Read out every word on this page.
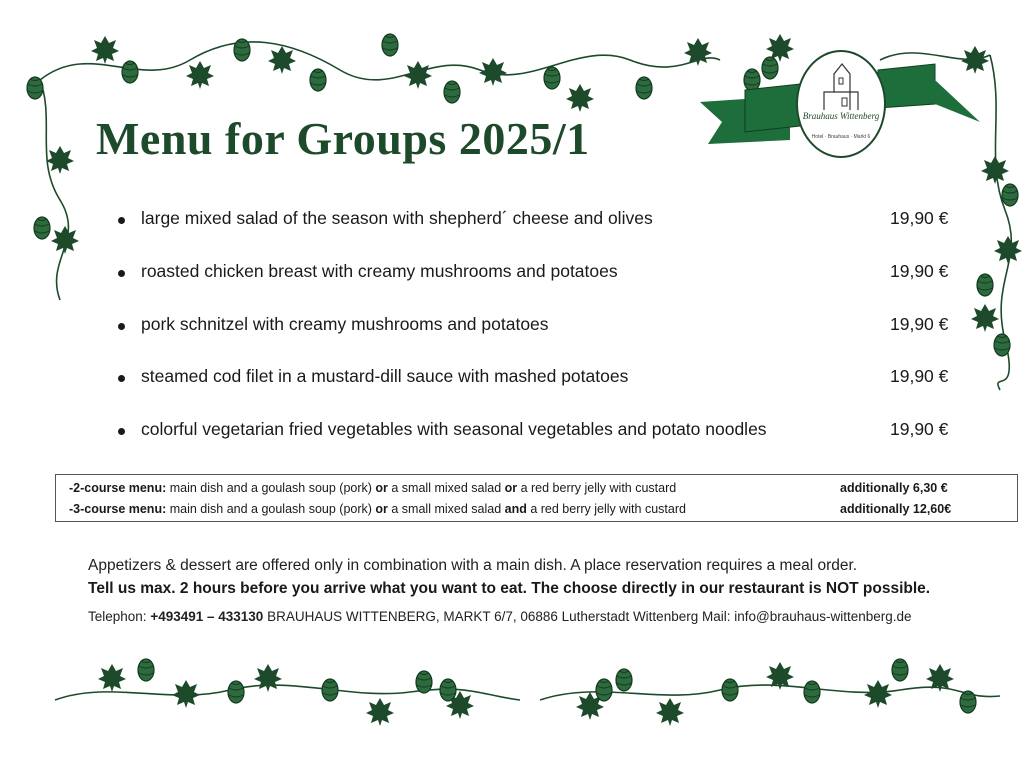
Brauhaus Wittenberg
Hotel · Brauhaus · Markt 6
Menu for Groups 2025/1
large mixed salad of the season with shepherd´ cheese and olives	19,90 €
roasted chicken breast with creamy mushrooms and potatoes	19,90 €
pork schnitzel with creamy mushrooms and potatoes	19,90 €
steamed cod filet in a mustard-dill sauce with mashed potatoes	19,90 €
colorful vegetarian fried vegetables with seasonal vegetables and potato noodles	19,90 €
-2-course menu: main dish and a goulash soup (pork) or a small mixed salad or a red berry jelly with custard	additionally 6,30 €
-3-course menu: main dish and a goulash soup (pork) or a small mixed salad and a red berry jelly with custard	additionally 12,60€
Appetizers & dessert are offered only in combination with a main dish. A place reservation requires a meal order.
Tell us max. 2 hours before you arrive what you want to eat. The choose directly in our restaurant is NOT possible.
Telephon: +493491 – 433130 BRAUHAUS WITTENBERG, MARKT 6/7, 06886 Lutherstadt Wittenberg Mail: info@brauhaus-wittenberg.de
